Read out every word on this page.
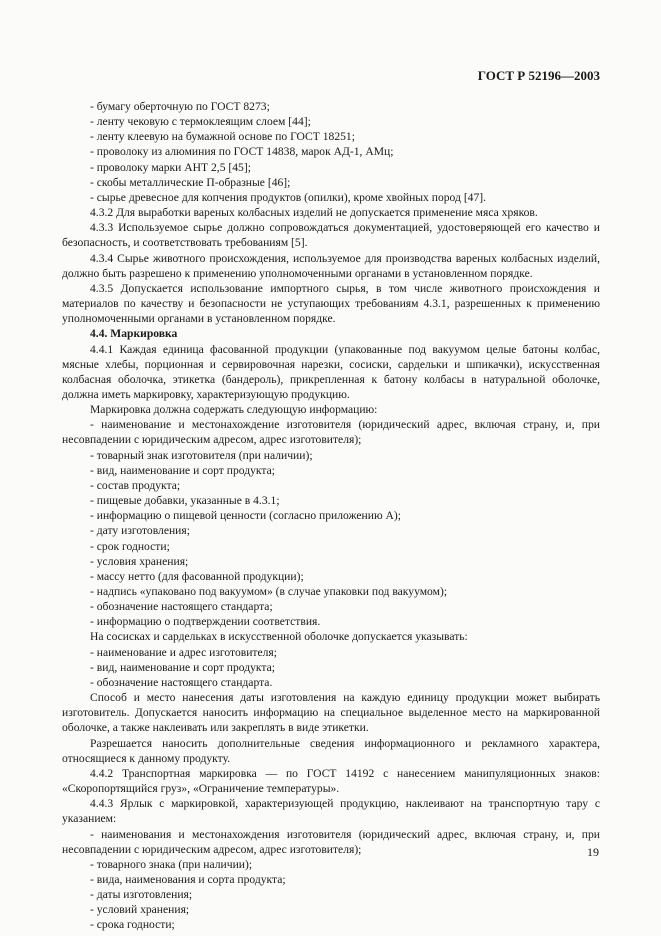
ГОСТ Р 52196—2003

- бумагу оберточную по ГОСТ 8273;

- ленту чековую с термоклеящим слоем [44];

- ленту клеевую на бумажной основе по ГОСТ 18251;

- проволоку из алюминия по ГОСТ 14838, марок АД-1, АМц;

- проволоку марки АНТ 2,5 [45];

- скобы металлические П-образные [46];

- сырье древесное для копчения продуктов (опилки), кроме хвойных пород [47].

4.3.2 Для выработки вареных колбасных изделий не допускается применение мяса хряков.

4.3.3 Используемое сырье должно сопровождаться документацией, удостоверяющей его качество и безопасность, и соответствовать требованиям [5].

4.3.4 Сырье животного происхождения, используемое для производства вареных колбасных изделий, должно быть разрешено к применению уполномоченными органами в установленном порядке.

4.3.5 Допускается использование импортного сырья, в том числе животного происхождения и материалов по качеству и безопасности не уступающих требованиям 4.3.1, разрешенных к применению уполномоченными органами в установленном порядке.

4.4. Маркировка

4.4.1 Каждая единица фасованной продукции (упакованные под вакуумом целые батоны колбас, мясные хлебы, порционная и сервировочная нарезки, сосиски, сардельки и шпикачки), искусственная колбасная оболочка, этикетка (бандероль), прикрепленная к батону колбасы в натуральной оболочке, должна иметь маркировку, характеризующую продукцию.

Маркировка должна содержать следующую информацию:

- наименование и местонахождение изготовителя (юридический адрес, включая страну, и, при несовпадении с юридическим адресом, адрес изготовителя);

- товарный знак изготовителя (при наличии);

- вид, наименование и сорт продукта;

- состав продукта;

- пищевые добавки, указанные в 4.3.1;

- информацию о пищевой ценности (согласно приложению А);

- дату изготовления;

- срок годности;

- условия хранения;

- массу нетто (для фасованной продукции);

- надпись «упаковано под вакуумом» (в случае упаковки под вакуумом);

- обозначение настоящего стандарта;

- информацию о подтверждении соответствия.

На сосисках и сардельках в искусственной оболочке допускается указывать:

- наименование и адрес изготовителя;

- вид, наименование и сорт продукта;

- обозначение настоящего стандарта.

Способ и место нанесения даты изготовления на каждую единицу продукции может выбирать изготовитель. Допускается наносить информацию на специальное выделенное место на маркированной оболочке, а также наклеивать или закреплять в виде этикетки.

Разрешается наносить дополнительные сведения информационного и рекламного характера, относящиеся к данному продукту.

4.4.2 Транспортная маркировка — по ГОСТ 14192 с нанесением манипуляционных знаков: «Скоропортящийся груз», «Ограничение температуры».

4.4.3 Ярлык с маркировкой, характеризующей продукцию, наклеивают на транспортную тару с указанием:

- наименования и местонахождения изготовителя (юридический адрес, включая страну, и, при несовпадении с юридическим адресом, адрес изготовителя);

- товарного знака (при наличии);

- вида, наименования и сорта продукта;

- даты изготовления;

- условий хранения;

- срока годности;

19
